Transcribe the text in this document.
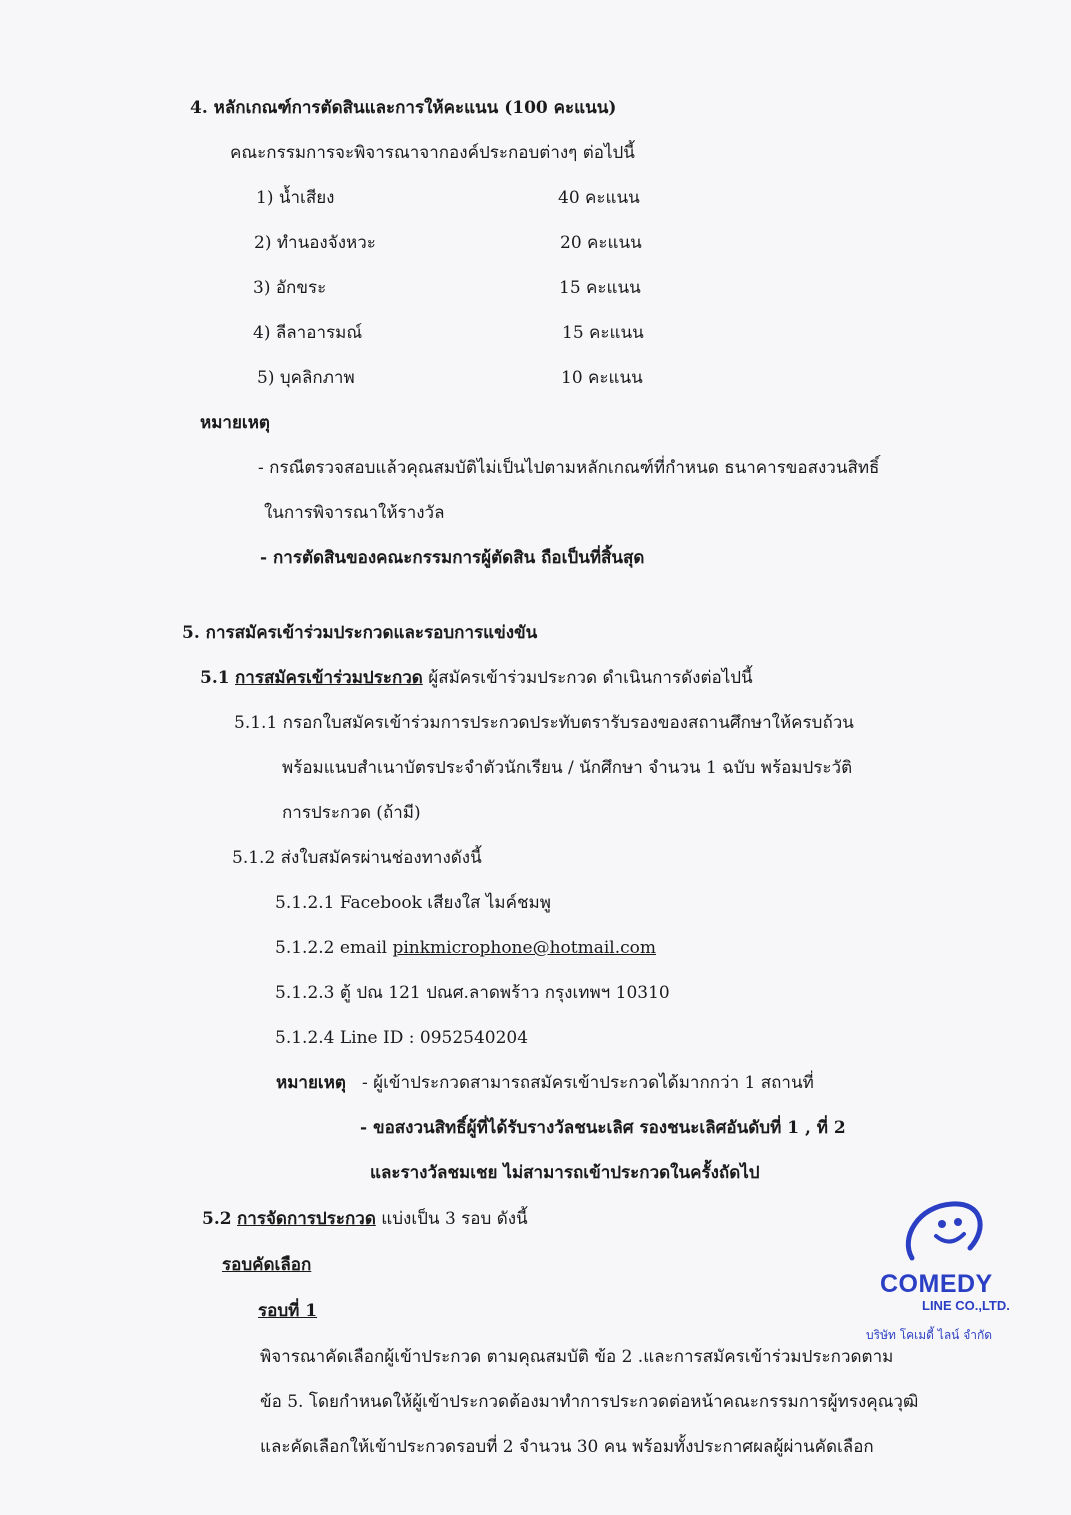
4. หลักเกณฑ์การตัดสินและการให้คะแนน (100 คะแนน)
คณะกรรมการจะพิจารณาจากองค์ประกอบต่างๆ ต่อไปนี้
1) น้ำเสียง	40 คะแนน
2) ทำนองจังหวะ	20 คะแนน
3) อักขระ	15 คะแนน
4) ลีลาอารมณ์	15 คะแนน
5) บุคลิกภาพ	10 คะแนน
หมายเหตุ
- กรณีตรวจสอบแล้วคุณสมบัติไม่เป็นไปตามหลักเกณฑ์ที่กำหนด ธนาคารขอสงวนสิทธิ์
ในการพิจารณาให้รางวัล
- การตัดสินของคณะกรรมการผู้ตัดสิน ถือเป็นที่สิ้นสุด
5. การสมัครเข้าร่วมประกวดและรอบการแข่งขัน
5.1 การสมัครเข้าร่วมประกวด ผู้สมัครเข้าร่วมประกวด ดำเนินการดังต่อไปนี้
5.1.1 กรอกใบสมัครเข้าร่วมการประกวดประทับตรารับรองของสถานศึกษาให้ครบถ้วน
พร้อมแนบสำเนาบัตรประจำตัวนักเรียน / นักศึกษา จำนวน 1 ฉบับ พร้อมประวัติ
การประกวด (ถ้ามี)
5.1.2 ส่งใบสมัครผ่านช่องทางดังนี้
5.1.2.1 Facebook เสียงใส ไมค์ชมพู
5.1.2.2 email pinkmicrophone@hotmail.com
5.1.2.3 ตู้ ปณ 121 ปณศ.ลาดพร้าว กรุงเทพฯ 10310
5.1.2.4 Line ID : 0952540204
หมายเหตุ - ผู้เข้าประกวดสามารถสมัครเข้าประกวดได้มากกว่า 1 สถานที่
- ขอสงวนสิทธิ์ผู้ที่ได้รับรางวัลชนะเลิศ รองชนะเลิศอันดับที่ 1 , ที่ 2
และรางวัลชมเชย ไม่สามารถเข้าประกวดในครั้งถัดไป
5.2 การจัดการประกวด แบ่งเป็น 3 รอบ ดังนี้
รอบคัดเลือก
รอบที่ 1
พิจารณาคัดเลือกผู้เข้าประกวด ตามคุณสมบัติ ข้อ 2 .และการสมัครเข้าร่วมประกวดตาม
ข้อ 5. โดยกำหนดให้ผู้เข้าประกวดต้องมาทำการประกวดต่อหน้าคณะกรรมการผู้ทรงคุณวุฒิ
และคัดเลือกให้เข้าประกวดรอบที่ 2 จำนวน 30 คน พร้อมทั้งประกาศผลผู้ผ่านคัดเลือก
COMEDY
LINE CO.,LTD.
บริษัท โคเมดี้ ไลน์ จำกัด
